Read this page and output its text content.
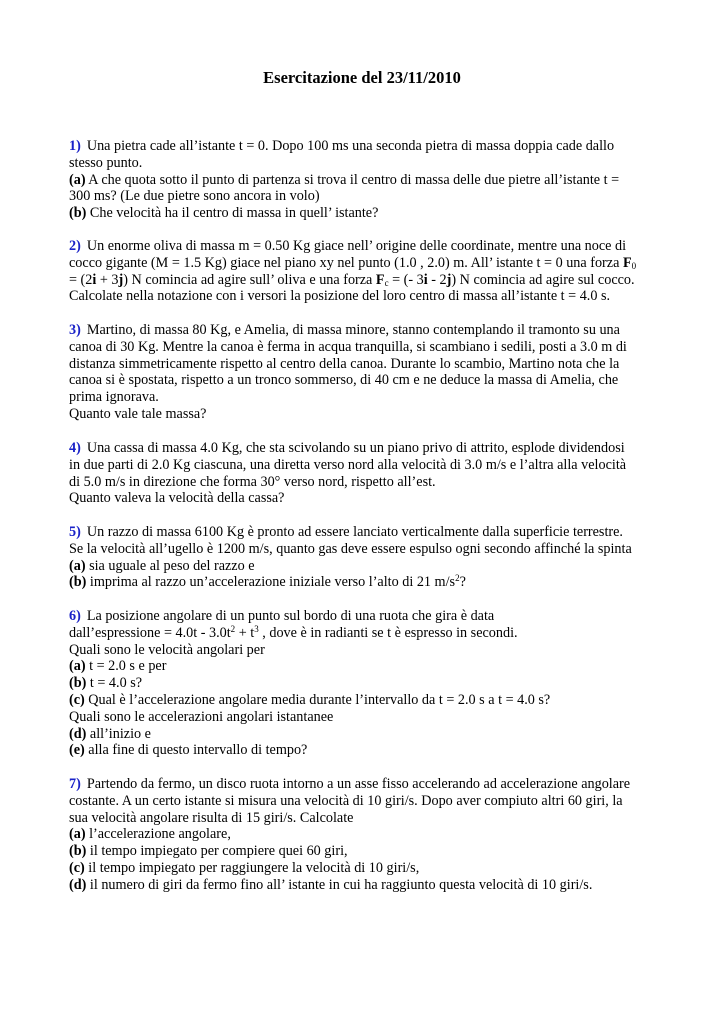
Esercitazione del 23/11/2010

1) Una pietra cade all’istante t = 0. Dopo 100 ms una seconda pietra di massa doppia cade dallo

stesso punto.

(a) A che quota sotto il punto di partenza si trova il centro di massa delle due pietre all’istante t =

300 ms? (Le due pietre sono ancora in volo)

(b) Che velocità ha il centro di massa in quell’ istante?

2) Un enorme oliva di massa m = 0.50 Kg giace nell’ origine delle coordinate, mentre una noce di

cocco gigante (M = 1.5 Kg) giace nel piano xy nel punto (1.0 , 2.0) m. All’ istante t = 0 una forza $F_0$

= (2i + 3j) N comincia ad agire sull’ oliva e una forza $F_c$ = (- 3i - 2j) N comincia ad agire sul cocco.

Calcolate nella notazione con i versori la posizione del loro centro di massa all’istante t = 4.0 s.

3) Martino, di massa 80 Kg, e Amelia, di massa minore, stanno contemplando il tramonto su una

canoa di 30 Kg. Mentre la canoa è ferma in acqua tranquilla, si scambiano i sedili, posti a 3.0 m di

distanza simmetricamente rispetto al centro della canoa. Durante lo scambio, Martino nota che la

canoa si è spostata, rispetto a un tronco sommerso, di 40 cm e ne deduce la massa di Amelia, che

prima ignorava.

Quanto vale tale massa?

4) Una cassa di massa 4.0 Kg, che sta scivolando su un piano privo di attrito, esplode dividendosi

in due parti di 2.0 Kg ciascuna, una diretta verso nord alla velocità di 3.0 m/s e l’altra alla velocità

di 5.0 m/s in direzione che forma 30° verso nord, rispetto all’est.

Quanto valeva la velocità della cassa?

5) Un razzo di massa 6100 Kg è pronto ad essere lanciato verticalmente dalla superficie terrestre.

Se la velocità all’ugello è 1200 m/s, quanto gas deve essere espulso ogni secondo affinché la spinta

(a) sia uguale al peso del razzo e

(b) imprima al razzo un’accelerazione iniziale verso l’alto di 21 $m/s^2$?

6) La posizione angolare di un punto sul bordo di una ruota che gira è data

dall’espressione = $4.0t - 3.0t^2 + t^3$ , dove è in radianti se t è espresso in secondi.

Quali sono le velocità angolari per

(a) t = 2.0 s e per

(b) t = 4.0 s?

(c) Qual è l’accelerazione angolare media durante l’intervallo da t = 2.0 s a t = 4.0 s?

Quali sono le accelerazioni angolari istantanee

(d) all’inizio e

(e) alla fine di questo intervallo di tempo?

7) Partendo da fermo, un disco ruota intorno a un asse fisso accelerando ad accelerazione angolare

costante. A un certo istante si misura una velocità di 10 giri/s. Dopo aver compiuto altri 60 giri, la

sua velocità angolare risulta di 15 giri/s. Calcolate

(a) l’accelerazione angolare,

(b) il tempo impiegato per compiere quei 60 giri,

(c) il tempo impiegato per raggiungere la velocità di 10 giri/s,

(d) il numero di giri da fermo fino all’ istante in cui ha raggiunto questa velocità di 10 giri/s.
